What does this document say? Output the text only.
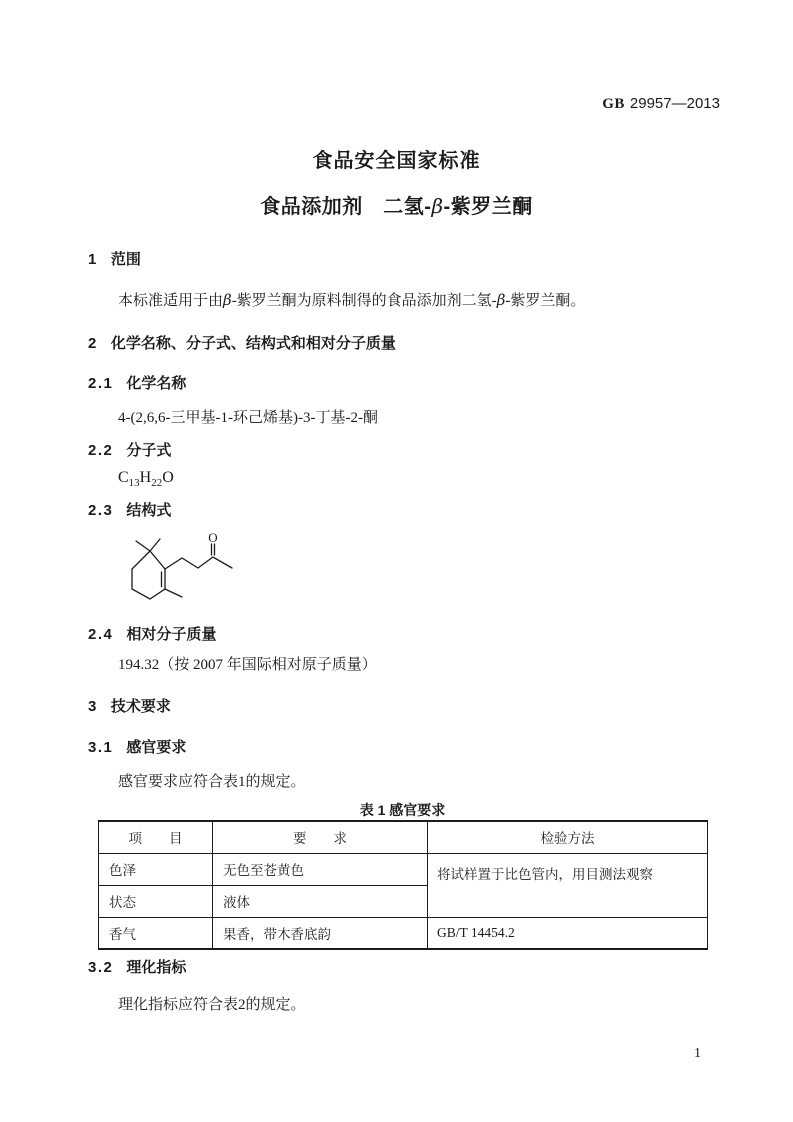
GB 29957—2013
食品安全国家标准
食品添加剂　二氢-β-紫罗兰酮
1 范围
本标准适用于由β-紫罗兰酮为原料制得的食品添加剂二氢-β-紫罗兰酮。
2 化学名称、分子式、结构式和相对分子质量
2.1 化学名称
4-(2,6,6-三甲基-1-环己烯基)-3-丁基-2-酮
2.2 分子式
$C_{13}H_{22}O$
2.3 结构式
O
2.4 相对分子质量
194.32（按 2007 年国际相对原子质量）
3 技术要求
3.1 感官要求
感官要求应符合表1的规定。
表 1 感官要求
项　　目	要　　求	检验方法
色泽	无色至苍黄色	将试样置于比色管内，用目测法观察
状态	液体	
香气	果香，带木香底韵	GB/T 14454.2
3.2 理化指标
理化指标应符合表2的规定。
1
